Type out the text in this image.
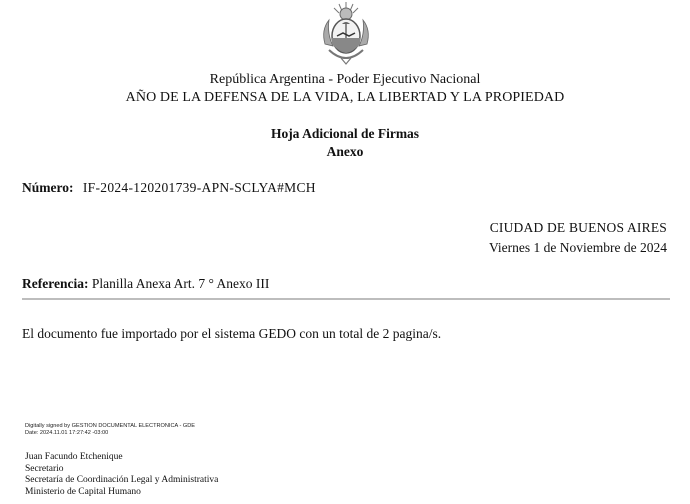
República Argentina - Poder Ejecutivo Nacional
AÑO DE LA DEFENSA DE LA VIDA, LA LIBERTAD Y LA PROPIEDAD
Hoja Adicional de Firmas
Anexo
Número: IF-2024-120201739-APN-SCLYA#MCH
CIUDAD DE BUENOS AIRES
Viernes 1 de Noviembre de 2024
Referencia: Planilla Anexa Art. 7 ° Anexo III
El documento fue importado por el sistema GEDO con un total de 2 pagina/s.
Digitally signed by GESTION DOCUMENTAL ELECTRONICA - GDE
Date: 2024.11.01 17:27:42 -03:00
Juan Facundo Etchenique
Secretario
Secretaría de Coordinación Legal y Administrativa
Ministerio de Capital Humano
